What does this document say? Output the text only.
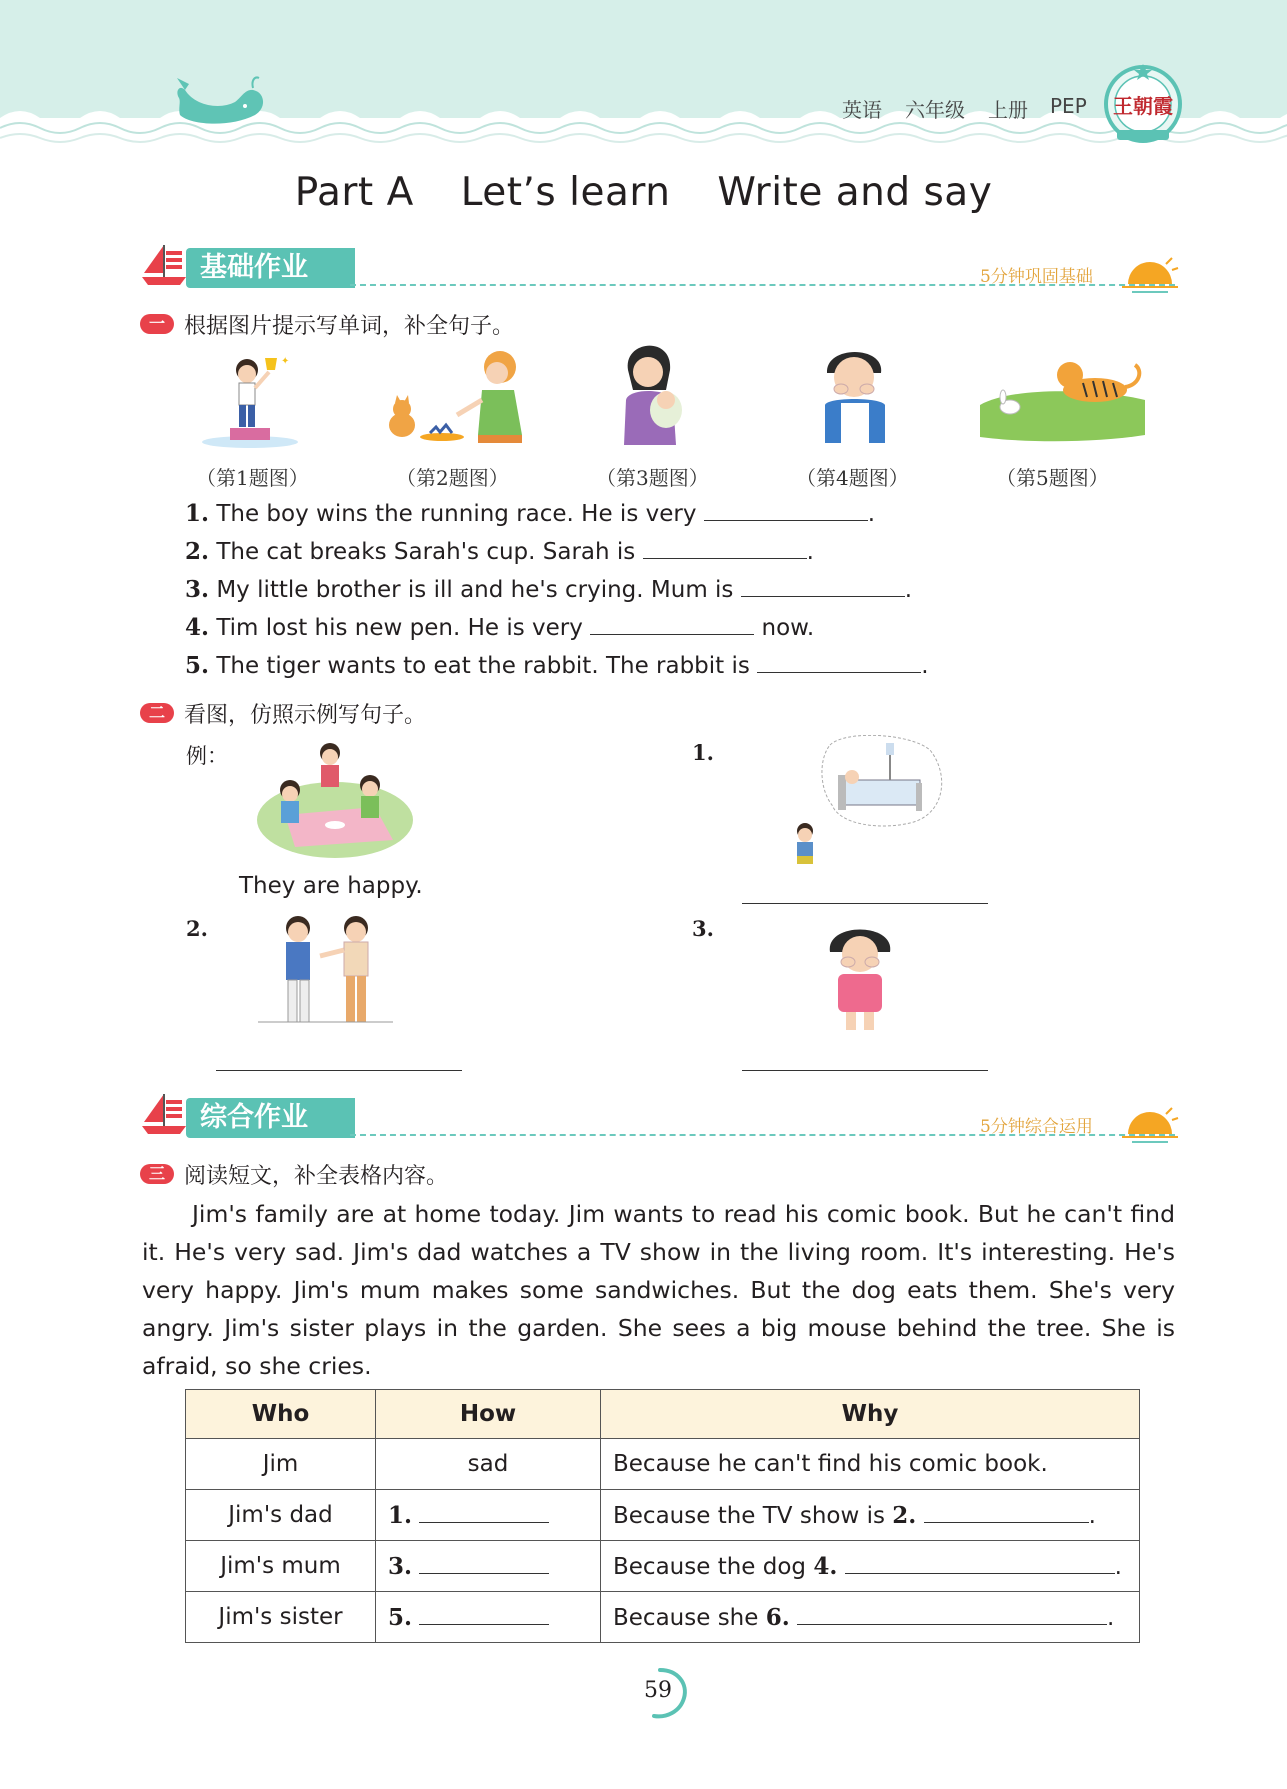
英语 六年级 上册 PEP	王朝霞
Part A Let’s learn Write and say
基础作业	5分钟巩固基础
一 根据图片提示写单词，补全句子。
✦
（第1题图）	（第2题图）	（第3题图）	（第4题图）	（第5题图）
1. The boy wins the running race. He is very	.
2. The cat breaks Sarah's cup. Sarah is	.
3. My little brother is ill and he's crying. Mum is	.
4. Tim lost his new pen. He is very	now.
5. The tiger wants to eat the rabbit. The rabbit is	.
二 看图，仿照示例写句子。
例：
They are happy.
1.
2.	3.
综合作业	5分钟综合运用
三 阅读短文，补全表格内容。
Jim's family are at home today. Jim wants to read his comic book. But he can't find it. He's very sad. Jim's dad watches a TV show in the living room. It's interesting. He's very happy. Jim's mum makes some sandwiches. But the dog eats them. She's very angry. Jim's sister plays in the garden. She sees a big mouse behind the tree. She is afraid, so she cries.
Who	How	Why
Jim	sad	Because he can't find his comic book.
Jim's dad	1.	Because the TV show is 2. .
Jim's mum	3.	Because the dog 4. .
Jim's sister	5.	Because she 6. .
59
